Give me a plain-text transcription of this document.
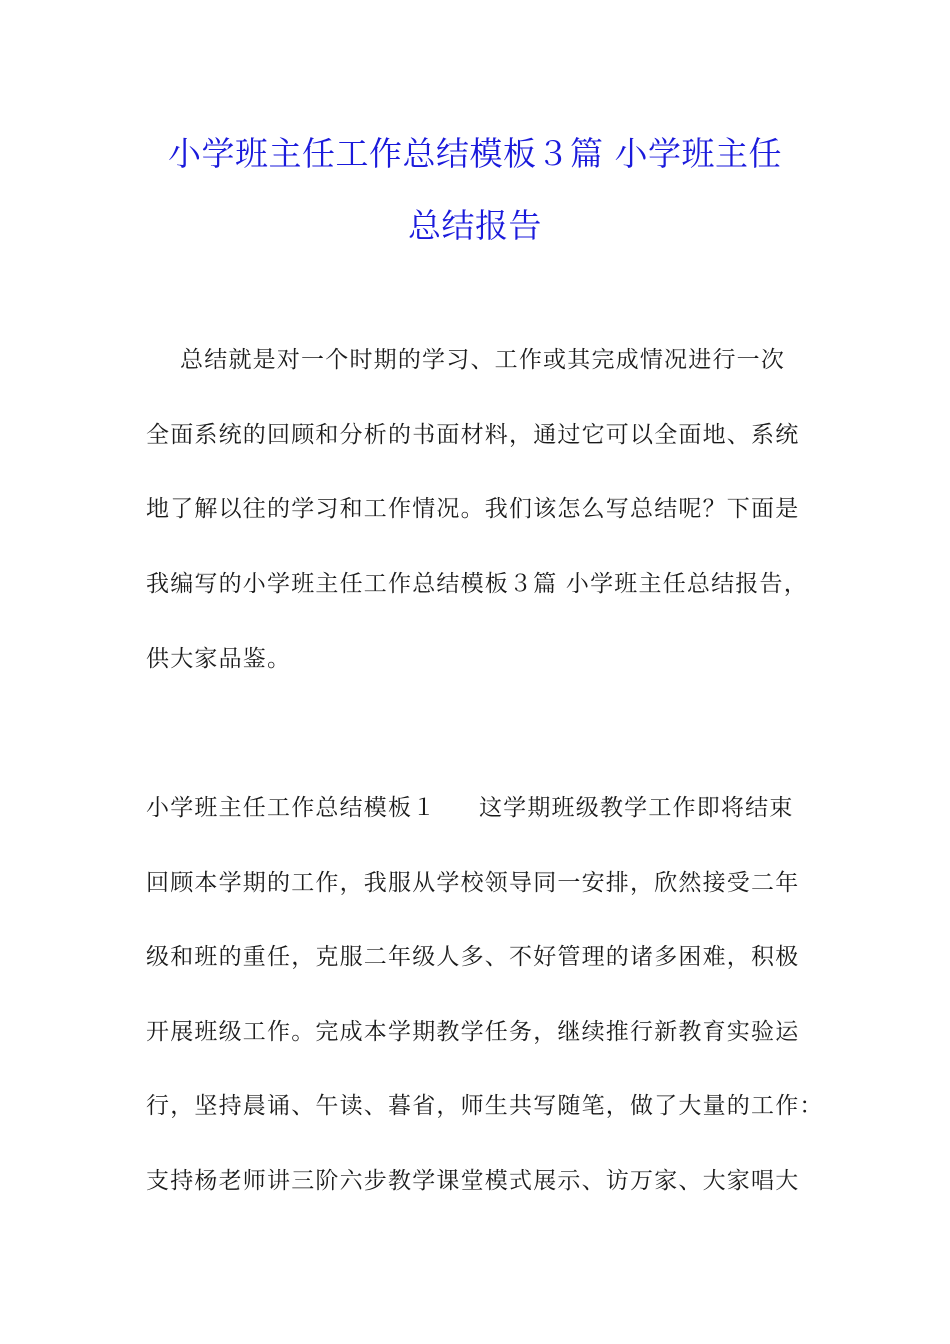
小学班主任工作总结模板３篇 小学班主任
总结报告
总结就是对一个时期的学习、工作或其完成情况进行一次
全面系统的回顾和分析的书面材料，通过它可以全面地、系统
地了解以往的学习和工作情况。我们该怎么写总结呢？下面是
我编写的小学班主任工作总结模板３篇 小学班主任总结报告，
供大家品鉴。
小学班主任工作总结模板１     这学期班级教学工作即将结束
回顾本学期的工作，我服从学校领导同一安排，欣然接受二年
级和班的重任，克服二年级人多、不好管理的诸多困难，积极
开展班级工作。完成本学期教学任务，继续推行新教育实验运
行，坚持晨诵、午读、暮省，师生共写随笔，做了大量的工作：
支持杨老师讲三阶六步教学课堂模式展示、访万家、大家唱大
